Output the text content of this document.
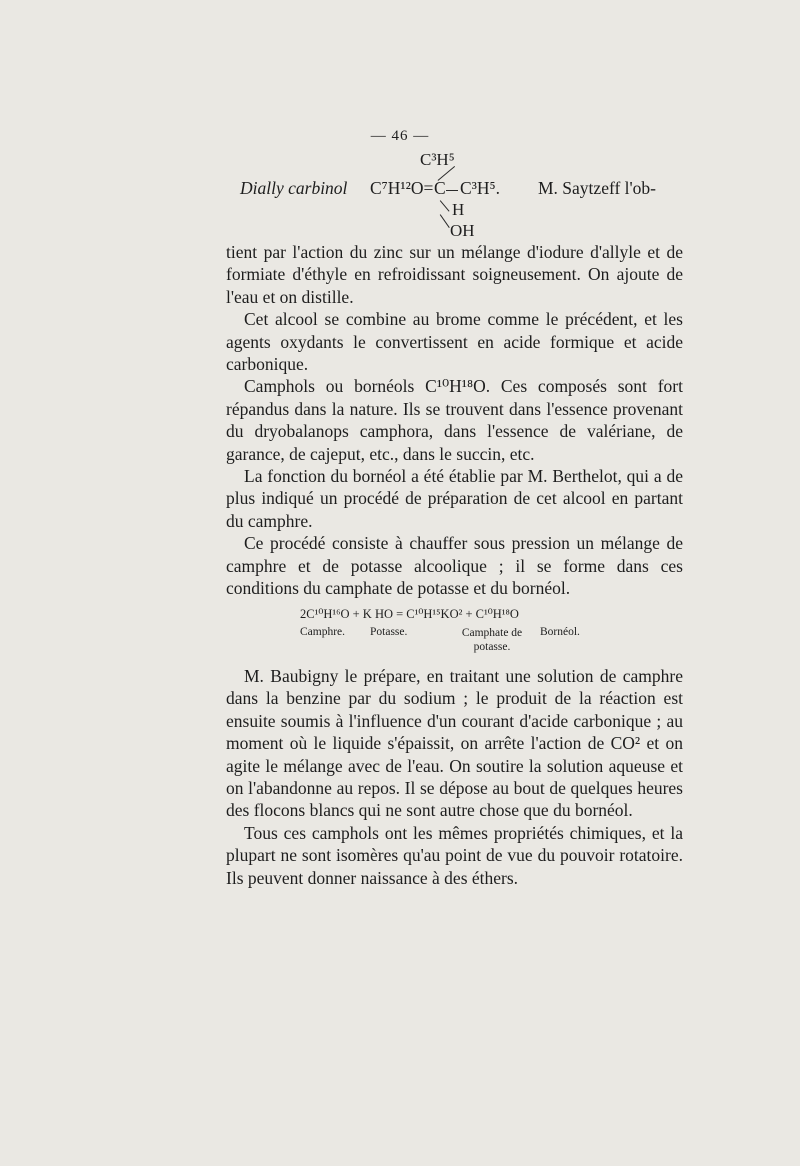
— 46 —
C³H⁵
Dially carbinol C⁷H¹²O= C C³H⁵. M. Saytzeff l'ob-
H
OH

tient par l'action du zinc sur un mélange d'iodure d'allyle et de formiate d'éthyle en refroidissant soigneusement. On ajoute de l'eau et on distille.

Cet alcool se combine au brome comme le précédent, et les agents oxydants le convertissent en acide formique et acide carbonique.

Camphols ou bornéols C¹⁰H¹⁸O. Ces composés sont fort répandus dans la nature. Ils se trouvent dans l'essence provenant du dryobalanops camphora, dans l'essence de valériane, de garance, de cajeput, etc., dans le succin, etc.

La fonction du bornéol a été établie par M. Berthelot, qui a de plus indiqué un procédé de préparation de cet alcool en partant du camphre.

Ce procédé consiste à chauffer sous pression un mélange de camphre et de potasse alcoolique ; il se forme dans ces conditions du camphate de potasse et du bornéol.

2C¹⁰H¹⁶O + K HO = C¹⁰H¹⁵KO² + C¹⁰H¹⁸O
Camphre. Potasse.	Camphate de potasse.
Bornéol.

M. Baubigny le prépare, en traitant une solution de camphre dans la benzine par du sodium ; le produit de la réaction est ensuite soumis à l'influence d'un courant d'acide carbonique ; au moment où le liquide s'épaissit, on arrête l'action de CO² et on agite le mélange avec de l'eau. On soutire la solution aqueuse et on l'abandonne au repos. Il se dépose au bout de quelques heures des flocons blancs qui ne sont autre chose que du bornéol.

Tous ces camphols ont les mêmes propriétés chimiques, et la plupart ne sont isomères qu'au point de vue du pouvoir rotatoire. Ils peuvent donner naissance à des éthers.
